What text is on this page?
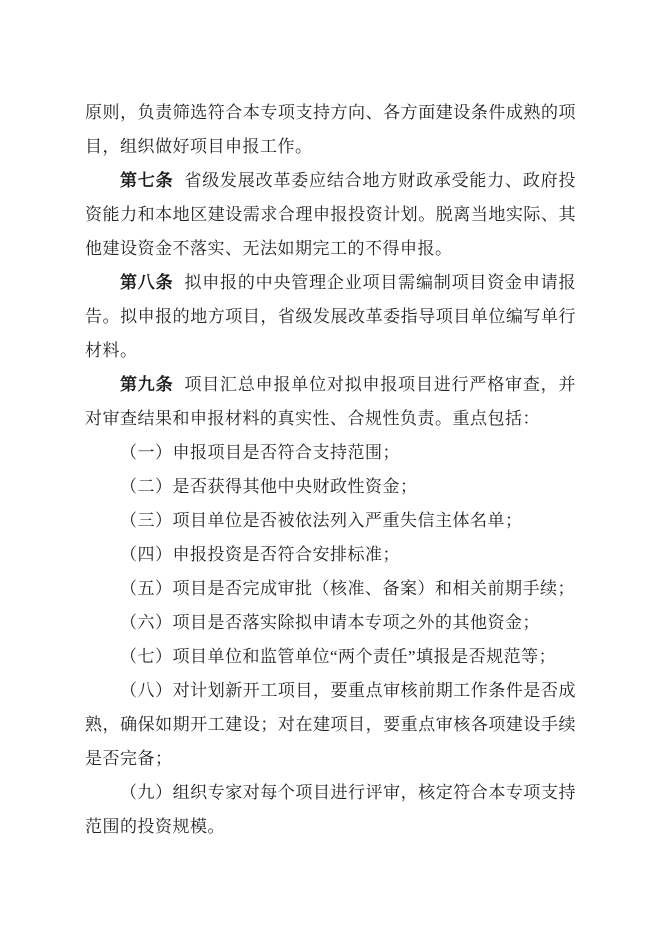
原则，负责筛选符合本专项支持方向、各方面建设条件成熟的项目，组织做好项目申报工作。

第七条 省级发展改革委应结合地方财政承受能力、政府投资能力和本地区建设需求合理申报投资计划。脱离当地实际、其他建设资金不落实、无法如期完工的不得申报。

第八条 拟申报的中央管理企业项目需编制项目资金申请报告。拟申报的地方项目，省级发展改革委指导项目单位编写单行材料。

第九条 项目汇总申报单位对拟申报项目进行严格审查，并对审查结果和申报材料的真实性、合规性负责。重点包括：

（一）申报项目是否符合支持范围；

（二）是否获得其他中央财政性资金；

（三）项目单位是否被依法列入严重失信主体名单；

（四）申报投资是否符合安排标准；

（五）项目是否完成审批（核准、备案）和相关前期手续；

（六）项目是否落实除拟申请本专项之外的其他资金；

（七）项目单位和监管单位“两个责任”填报是否规范等；

（八）对计划新开工项目，要重点审核前期工作条件是否成熟，确保如期开工建设；对在建项目，要重点审核各项建设手续是否完备；

（九）组织专家对每个项目进行评审，核定符合本专项支持范围的投资规模。
